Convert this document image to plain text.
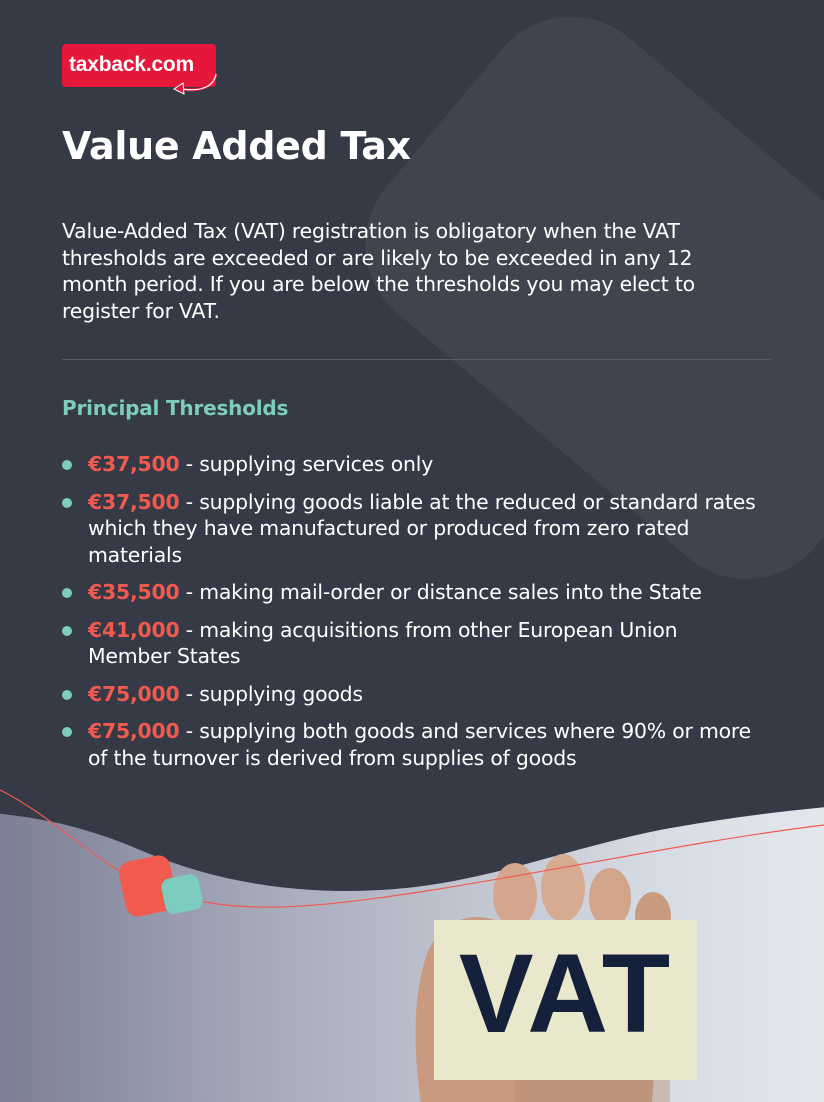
VAT
taxback.com
Value Added Tax

Value-Added Tax (VAT) registration is obligatory when the VAT thresholds are exceeded or are likely to be exceeded in any 12 month period. If you are below the thresholds you may elect to register for VAT.

Principal Thresholds
€37,500 - supplying services only
€37,500 - supplying goods liable at the reduced or standard rates which they have manufactured or produced from zero rated materials
€35,500 - making mail-order or distance sales into the State
€41,000 - making acquisitions from other European Union Member States
€75,000 - supplying goods
€75,000 - supplying both goods and services where 90% or more of the turnover is derived from supplies of goods
